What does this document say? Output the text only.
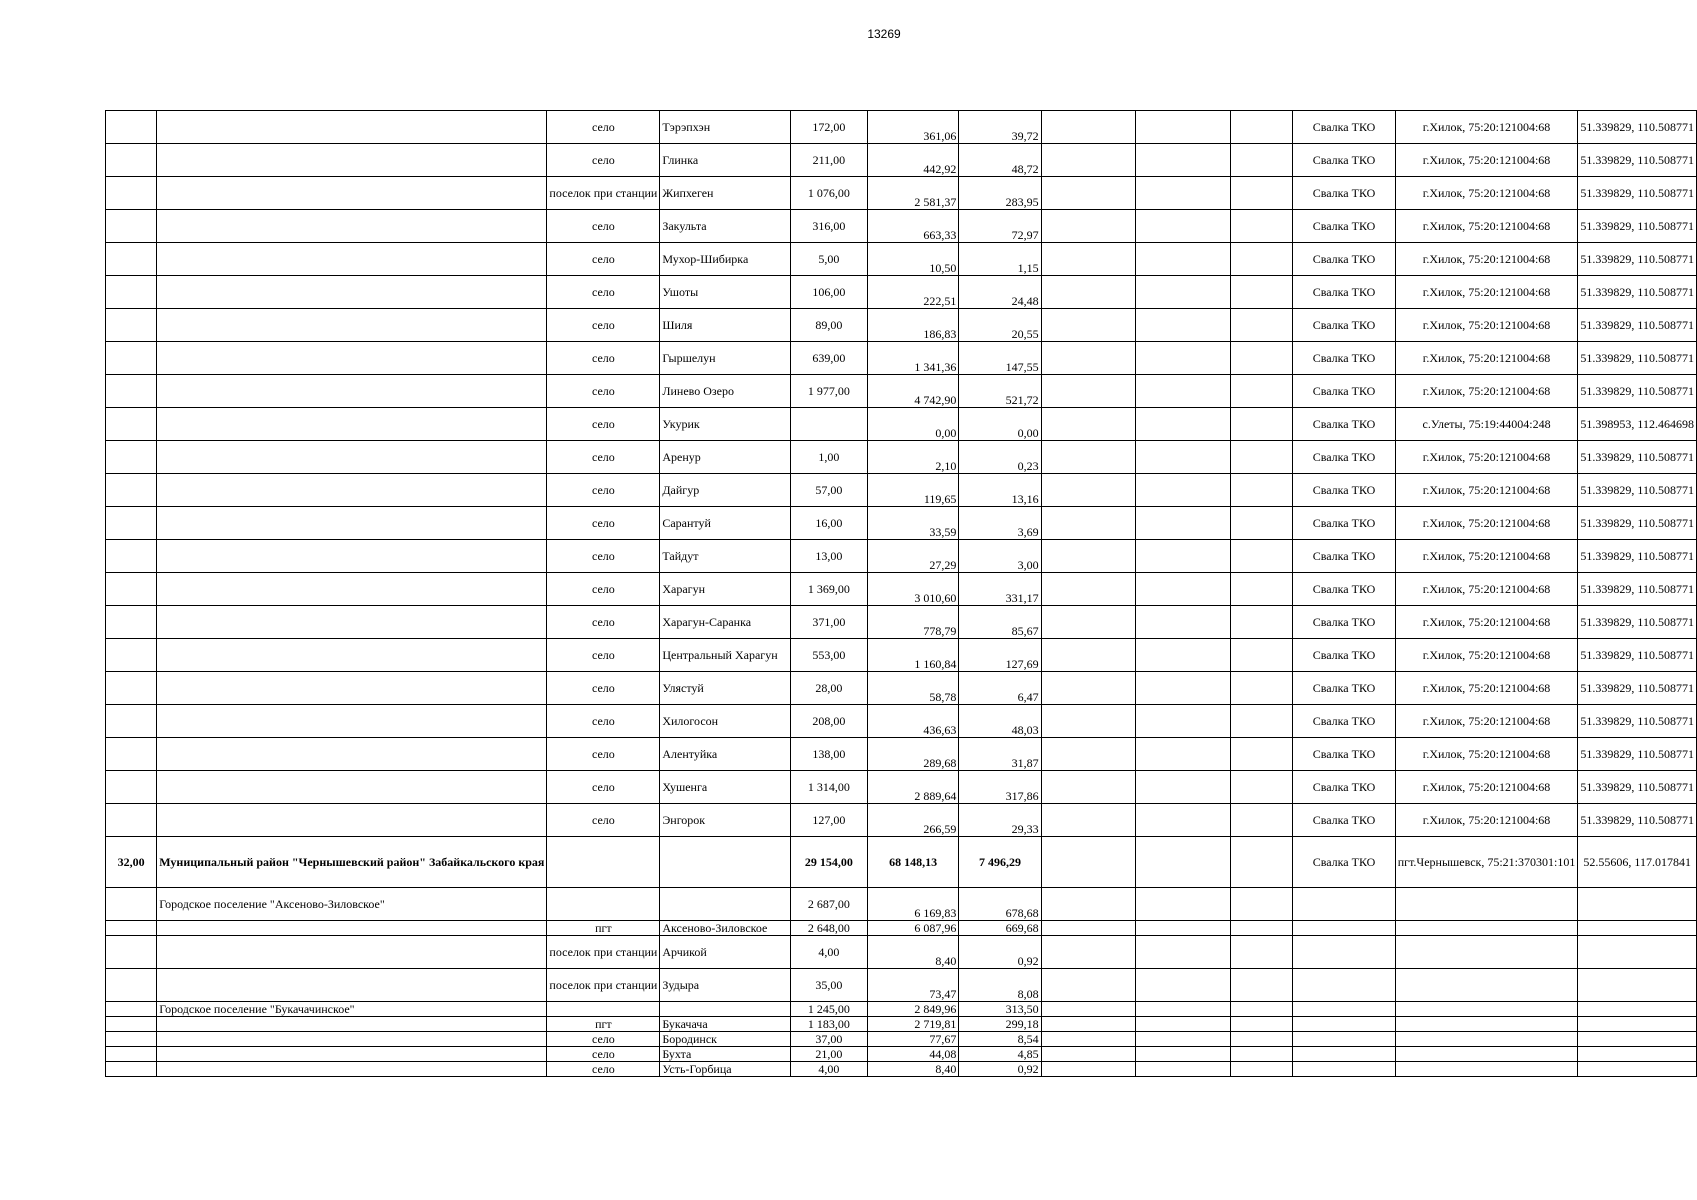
13269
		село	Тэрэпхэн	172,00	361,06	39,72				Свалка ТКО	г.Хилок, 75:20:121004:68	51.339829, 110.508771
		село	Глинка	211,00	442,92	48,72				Свалка ТКО	г.Хилок, 75:20:121004:68	51.339829, 110.508771
		поселок при станции	Жипхеген	1 076,00	2 581,37	283,95				Свалка ТКО	г.Хилок, 75:20:121004:68	51.339829, 110.508771
		село	Закульта	316,00	663,33	72,97				Свалка ТКО	г.Хилок, 75:20:121004:68	51.339829, 110.508771
		село	Мухор-Шибирка	5,00	10,50	1,15				Свалка ТКО	г.Хилок, 75:20:121004:68	51.339829, 110.508771
		село	Ушоты	106,00	222,51	24,48				Свалка ТКО	г.Хилок, 75:20:121004:68	51.339829, 110.508771
		село	Шиля	89,00	186,83	20,55				Свалка ТКО	г.Хилок, 75:20:121004:68	51.339829, 110.508771
		село	Гыршелун	639,00	1 341,36	147,55				Свалка ТКО	г.Хилок, 75:20:121004:68	51.339829, 110.508771
		село	Линево Озеро	1 977,00	4 742,90	521,72				Свалка ТКО	г.Хилок, 75:20:121004:68	51.339829, 110.508771
		село	Укурик		0,00	0,00				Свалка ТКО	с.Улеты, 75:19:44004:248	51.398953, 112.464698
		село	Аренур	1,00	2,10	0,23				Свалка ТКО	г.Хилок, 75:20:121004:68	51.339829, 110.508771
		село	Дайгур	57,00	119,65	13,16				Свалка ТКО	г.Хилок, 75:20:121004:68	51.339829, 110.508771
		село	Сарантуй	16,00	33,59	3,69				Свалка ТКО	г.Хилок, 75:20:121004:68	51.339829, 110.508771
		село	Тайдут	13,00	27,29	3,00				Свалка ТКО	г.Хилок, 75:20:121004:68	51.339829, 110.508771
		село	Харагун	1 369,00	3 010,60	331,17				Свалка ТКО	г.Хилок, 75:20:121004:68	51.339829, 110.508771
		село	Харагун-Саранка	371,00	778,79	85,67				Свалка ТКО	г.Хилок, 75:20:121004:68	51.339829, 110.508771
		село	Центральный Харагун	553,00	1 160,84	127,69				Свалка ТКО	г.Хилок, 75:20:121004:68	51.339829, 110.508771
		село	Улястуй	28,00	58,78	6,47				Свалка ТКО	г.Хилок, 75:20:121004:68	51.339829, 110.508771
		село	Хилогосон	208,00	436,63	48,03				Свалка ТКО	г.Хилок, 75:20:121004:68	51.339829, 110.508771
		село	Алентуйка	138,00	289,68	31,87				Свалка ТКО	г.Хилок, 75:20:121004:68	51.339829, 110.508771
		село	Хушенга	1 314,00	2 889,64	317,86				Свалка ТКО	г.Хилок, 75:20:121004:68	51.339829, 110.508771
		село	Энгорок	127,00	266,59	29,33				Свалка ТКО	г.Хилок, 75:20:121004:68	51.339829, 110.508771
32,00	Муниципальный район "Чернышевский район" Забайкальского края			29 154,00	68 148,13	7 496,29				Свалка ТКО	пгт.Чернышевск, 75:21:370301:101	52.55606, 117.017841
	Городское поселение "Аксеново-Зиловское"			2 687,00	6 169,83	678,68						
		пгт	Аксеново-Зиловское	2 648,00	6 087,96	669,68						
		поселок при станции	Арчикой	4,00	8,40	0,92						
		поселок при станции	Зудыра	35,00	73,47	8,08						
	Городское поселение "Букачачинское"			1 245,00	2 849,96	313,50						
		пгт	Букачача	1 183,00	2 719,81	299,18						
		село	Бородинск	37,00	77,67	8,54						
		село	Бухта	21,00	44,08	4,85						
		село	Усть-Горбица	4,00	8,40	0,92						
